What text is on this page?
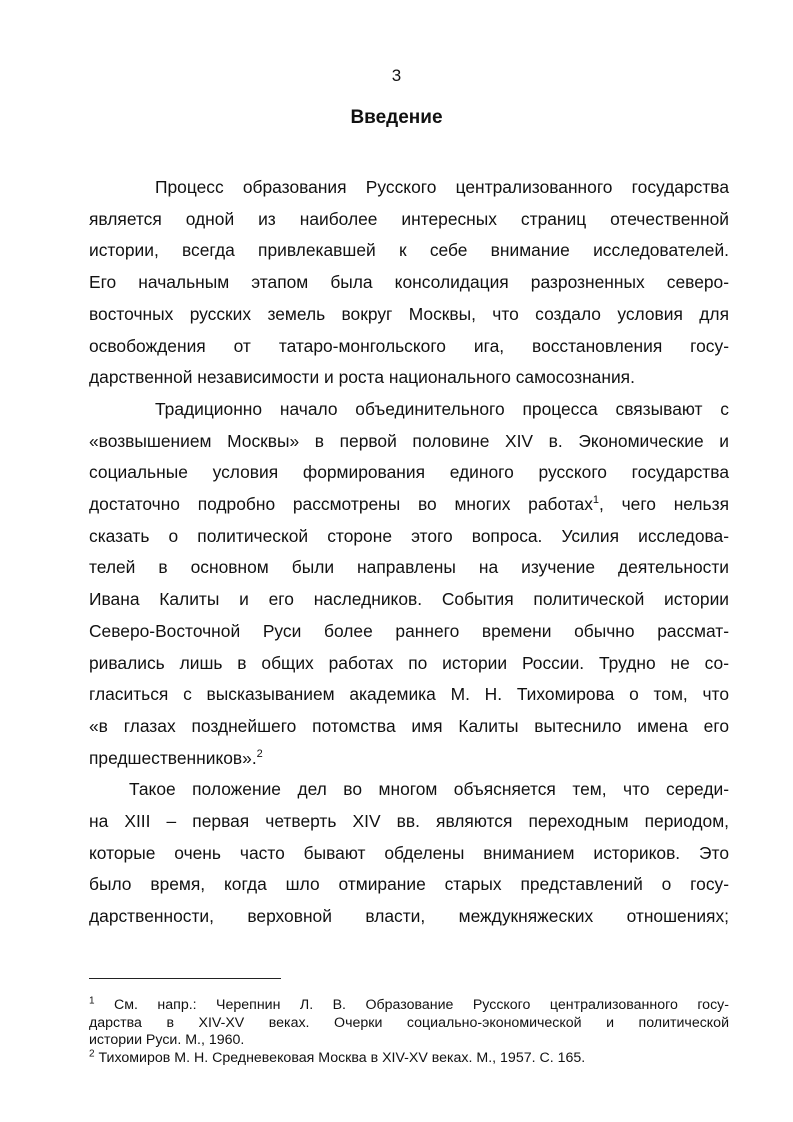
3
Введение

Процесс образования Русского централизованного государства
является одной из наиболее интересных страниц отечественной
истории, всегда привлекавшей к себе внимание исследователей.
Его начальным этапом была консолидация разрозненных северо-
восточных русских земель вокруг Москвы, что создало условия для
освобождения от татаро-монгольского ига, восстановления госу-
дарственной независимости и роста национального самосознания.

Традиционно начало объединительного процесса связывают с
«возвышением Москвы» в первой половине XIV в. Экономические и
социальные условия формирования единого русского государства
достаточно подробно рассмотрены во многих работах$^1$, чего нельзя
сказать о политической стороне этого вопроса. Усилия исследова-
телей в основном были направлены на изучение деятельности
Ивана Калиты и его наследников. События политической истории
Северо-Восточной Руси более раннего времени обычно рассмат-
ривались лишь в общих работах по истории России. Трудно не со-
гласиться с высказыванием академика М. Н. Тихомирова о том, что
«в глазах позднейшего потомства имя Калиты вытеснило имена его
предшественников».$^2$

Такое положение дел во многом объясняется тем, что середи-
на XIII – первая четверть XIV вв. являются переходным периодом,
которые очень часто бывают обделены вниманием историков. Это
было время, когда шло отмирание старых представлений о госу-
дарственности, верховной власти, междукняжеских отношениях;

$^1$ См. напр.: Черепнин Л. В. Образование Русского централизованного госу-
дарства в XIV-XV веках. Очерки социально-экономической и политической
истории Руси. М., 1960.
$^2$ Тихомиров М. Н. Средневековая Москва в XIV-XV веках. М., 1957. С. 165.
